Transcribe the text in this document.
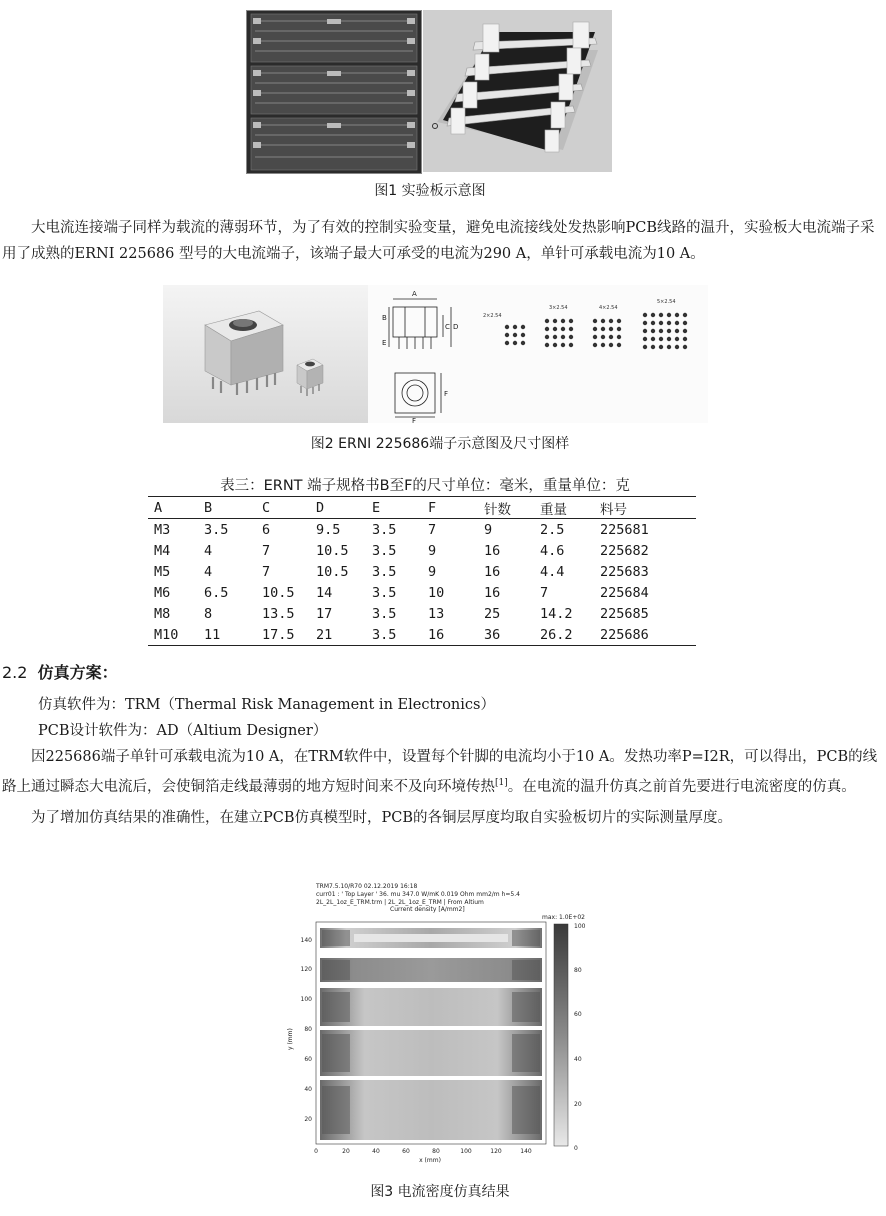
图1 实验板示意图
大电流连接端子同样为载流的薄弱环节，为了有效的控制实验变量，避免电流接线处发热影响PCB线路的温升，实验板大电流端子采用了成熟的ERNI 225686 型号的大电流端子，该端子最大可承受的电流为290 A，单针可承载电流为10 A。
A
B
C D
E
F
F
2×2.54
3×2.54	4×2.54
5×2.54
图2 ERNI 225686端子示意图及尺寸图样
表三：ERNT 端子规格书B至F的尺寸单位：毫米，重量单位：克
A	B	C	D	E	F	针数	重量	料号
M3	3.5	6	9.5	3.5	7	9	2.5	225681
M4	4	7	10.5	3.5	9	16	4.6	225682
M5	4	7	10.5	3.5	9	16	4.4	225683
M6	6.5	10.5	14	3.5	10	16	7	225684
M8	8	13.5	17	3.5	13	25	14.2	225685
M10	11	17.5	21	3.5	16	36	26.2	225686
2.2 仿真方案：
仿真软件为：TRM（Thermal Risk Management in Electronics）
PCB设计软件为：AD（Altium Designer）
因225686端子单针可承载电流为10 A，在TRM软件中，设置每个针脚的电流均小于10 A。发热功率P=I2R，可以得出，PCB的线路上通过瞬态大电流后，会使铜箔走线最薄弱的地方短时间来不及向环境传热[1]。在电流的温升仿真之前首先要进行电流密度的仿真。
为了增加仿真结果的准确性，在建立PCB仿真模型时，PCB的各铜层厚度均取自实验板切片的实际测量厚度。
TRM7.5.10/R70 02.12.2019 16:18
curr01 : ' Top Layer ' 36. mu 347.0 W/mK 0.019 Ohm mm2/m h=5.4
2L_2L_1oz_E_TRM.trm | 2L_2L_1oz_E_TRM | From Altium
Current density [A/mm2]
max: 1.0E+02
100
80
60
40
20
0
140
120
100
80
60
40
20
y (mm)
0	20	40	60	80	100	120	140
x (mm)
图3 电流密度仿真结果
